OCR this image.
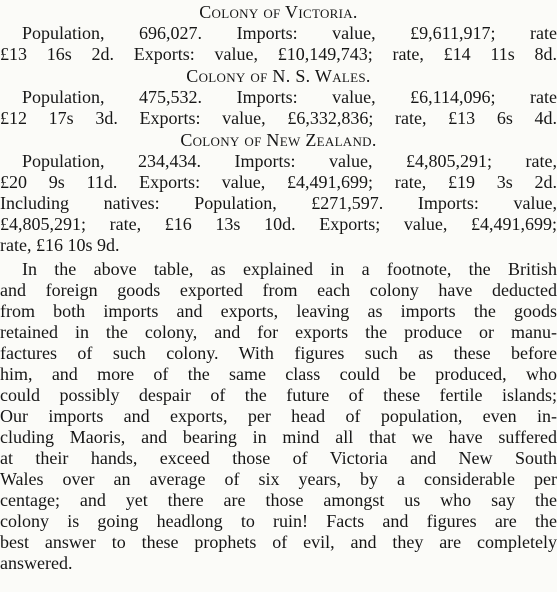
Colony of Victoria.
Population, 696,027. Imports: value, £9,611,917; rate
£13 16s 2d. Exports: value, £10,149,743; rate, £14 11s 8d.
Colony of N. S. Wales.
Population, 475,532. Imports: value, £6,114,096; rate
£12 17s 3d. Exports: value, £6,332,836; rate, £13 6s 4d.
Colony of New Zealand.
Population, 234,434. Imports: value, £4,805,291; rate,
£20 9s 11d. Exports: value, £4,491,699; rate, £19 3s 2d.
Including natives: Population, £271,597. Imports: value,
£4,805,291; rate, £16 13s 10d. Exports; value, £4,491,699;
rate, £16 10s 9d.
In the above table, as explained in a footnote, the British
and foreign goods exported from each colony have deducted
from both imports and exports, leaving as imports the goods
retained in the colony, and for exports the produce or manu-
factures of such colony. With figures such as these before
him, and more of the same class could be produced, who
could possibly despair of the future of these fertile islands;
Our imports and exports, per head of population, even in-
cluding Maoris, and bearing in mind all that we have suffered
at their hands, exceed those of Victoria and New South
Wales over an average of six years, by a considerable per
centage; and yet there are those amongst us who say the
colony is going headlong to ruin! Facts and figures are the
best answer to these prophets of evil, and they are completely
answered.
